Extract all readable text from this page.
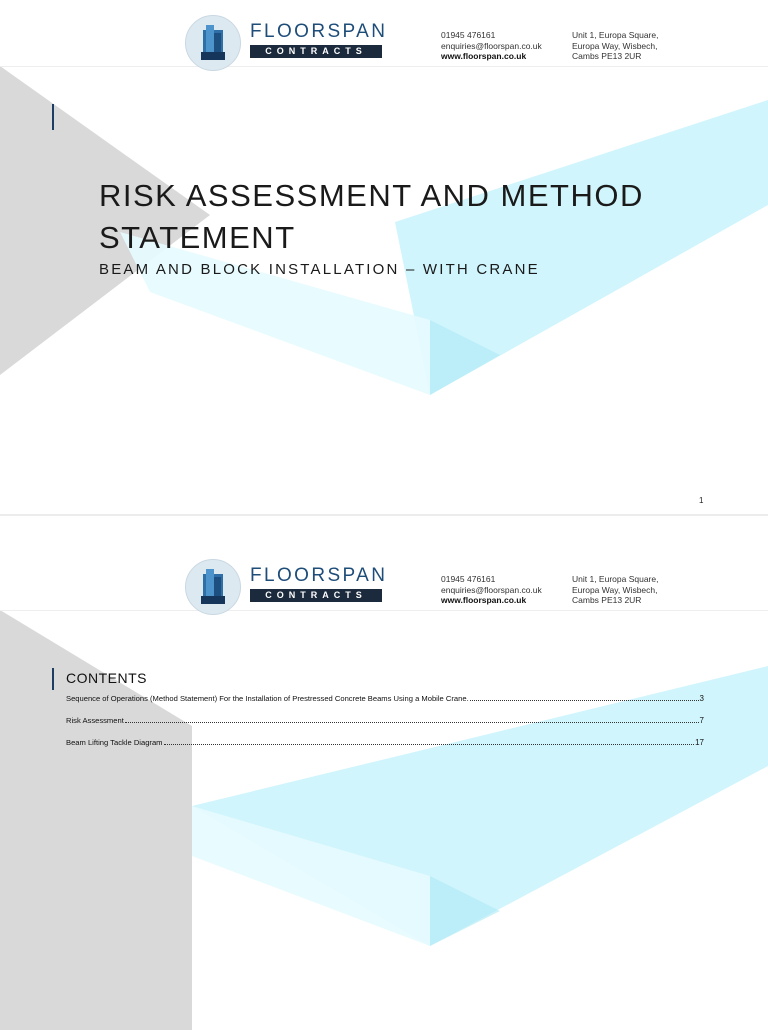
FLOORSPAN
CONTRACTS
01945 476161
enquiries@floorspan.co.uk
www.floorspan.co.uk
Unit 1, Europa Square,
Europa Way, Wisbech,
Cambs PE13 2UR
RISK ASSESSMENT AND METHOD STATEMENT
BEAM AND BLOCK INSTALLATION – WITH CRANE
1
FLOORSPAN
CONTRACTS
01945 476161
enquiries@floorspan.co.uk
www.floorspan.co.uk
Unit 1, Europa Square,
Europa Way, Wisbech,
Cambs PE13 2UR
CONTENTS
Sequence of Operations (Method Statement) For the Installation of Prestressed Concrete Beams Using a Mobile Crane.	3
Risk Assessment	7
Beam Lifting Tackle Diagram	17
